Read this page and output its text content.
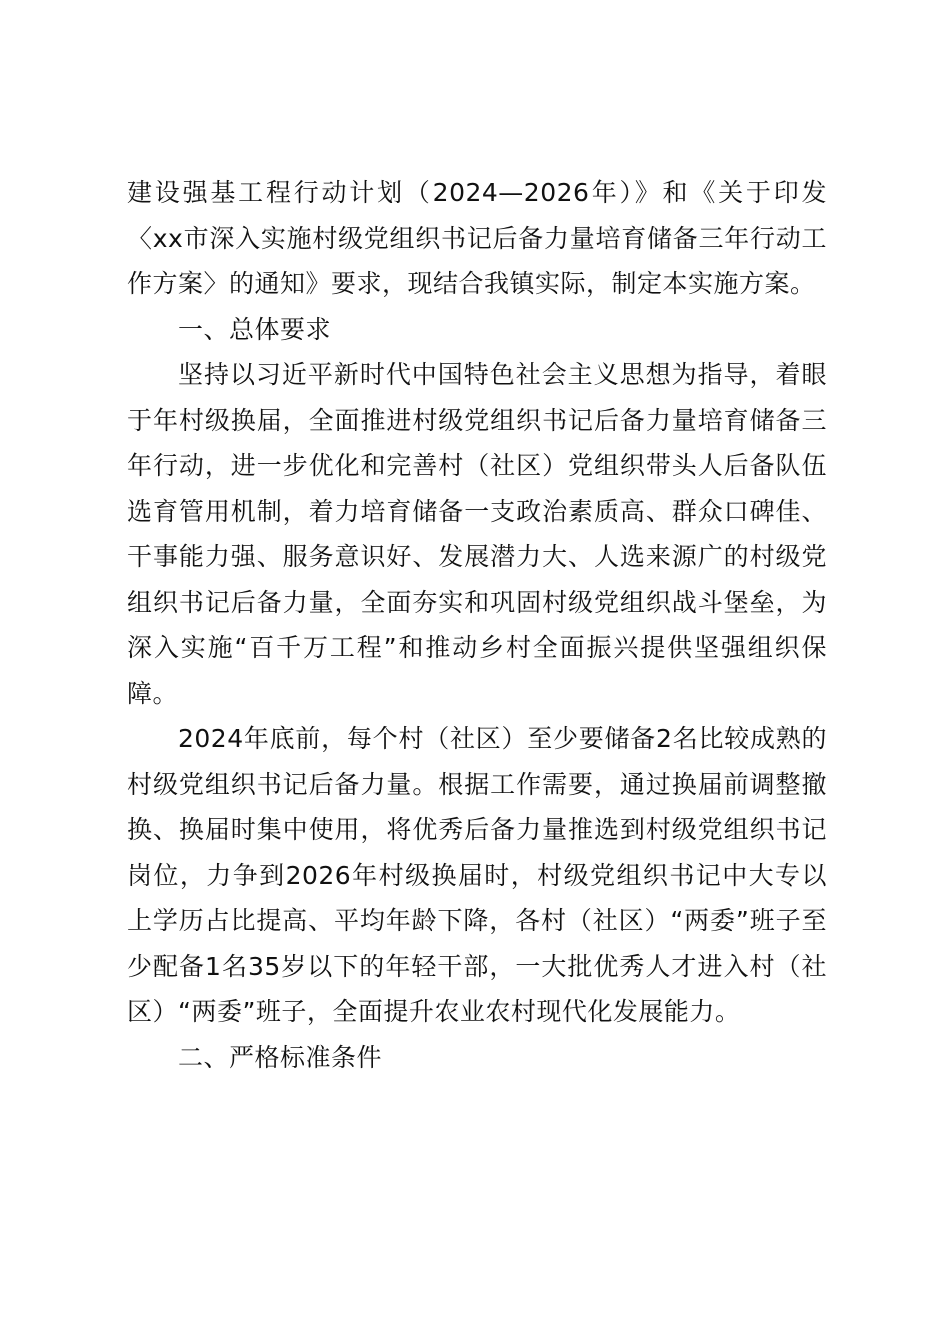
建设强基工程行动计划（2024—2026年）》和《关于印发〈xx市深入实施村级党组织书记后备力量培育储备三年行动工作方案〉的通知》要求，现结合我镇实际，制定本实施方案。

一、总体要求

坚持以习近平新时代中国特色社会主义思想为指导，着眼于年村级换届，全面推进村级党组织书记后备力量培育储备三年行动，进一步优化和完善村（社区）党组织带头人后备队伍选育管用机制，着力培育储备一支政治素质高、群众口碑佳、干事能力强、服务意识好、发展潜力大、人选来源广的村级党组织书记后备力量，全面夯实和巩固村级党组织战斗堡垒，为深入实施“百千万工程”和推动乡村全面振兴提供坚强组织保障。

2024年底前，每个村（社区）至少要储备2名比较成熟的村级党组织书记后备力量。根据工作需要，通过换届前调整撤换、换届时集中使用，将优秀后备力量推选到村级党组织书记岗位，力争到2026年村级换届时，村级党组织书记中大专以上学历占比提高、平均年龄下降，各村（社区）“两委”班子至少配备1名35岁以下的年轻干部，一大批优秀人才进入村（社区）“两委”班子，全面提升农业农村现代化发展能力。

二、严格标准条件
